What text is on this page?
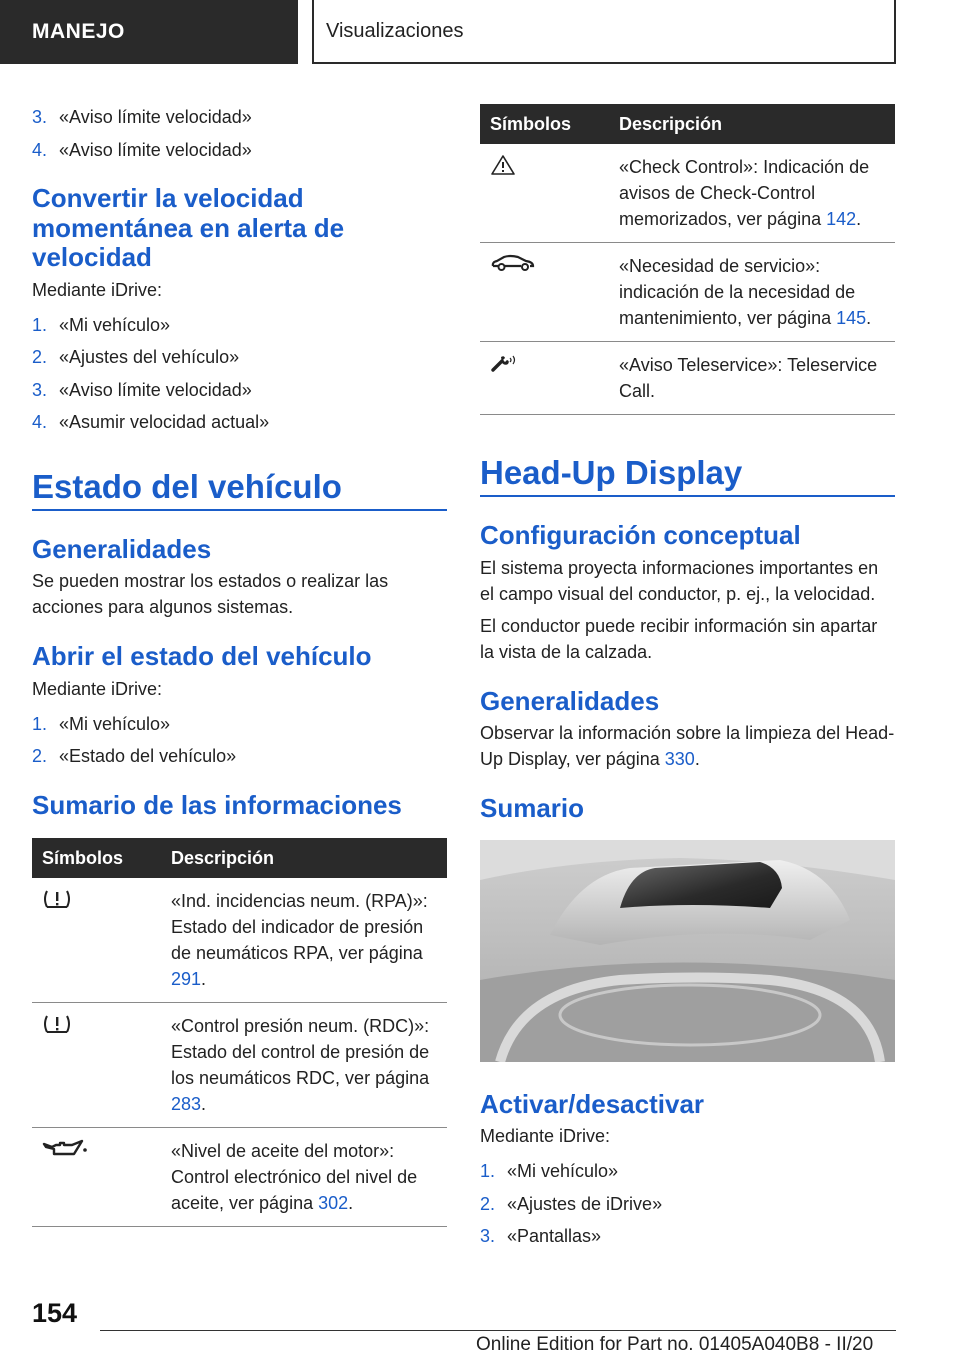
MANEJO	Visualizaciones
3. «Aviso límite velocidad»
4. «Aviso límite velocidad»
Convertir la velocidad momentánea en alerta de velocidad

Mediante iDrive:

1. «Mi vehículo»
2. «Ajustes del vehículo»
3. «Aviso límite velocidad»
4. «Asumir velocidad actual»
Estado del vehículo
Generalidades

Se pueden mostrar los estados o realizar las acciones para algunos sistemas.

Abrir el estado del vehículo

Mediante iDrive:

1. «Mi vehículo»
2. «Estado del vehículo»
Sumario de las informaciones
Símbolos	Descripción
	«Ind. incidencias neum. (RPA)»: Estado del indicador de presión de neumáticos RPA, ver página 291.
	«Control presión neum. (RDC)»: Estado del control de presión de los neumáticos RDC, ver página 283.
	«Nivel de aceite del motor»: Control electrónico del nivel de aceite, ver página 302.
Símbolos	Descripción
	«Check Control»: Indicación de avisos de Check-Control memorizados, ver página 142.
	«Necesidad de servicio»: indicación de la necesidad de mantenimiento, ver página 145.
	«Aviso Teleservice»: Teleservice Call.
Head-Up Display
Configuración conceptual

El sistema proyecta informaciones importantes en el campo visual del conductor, p. ej., la velocidad.

El conductor puede recibir información sin apartar la vista de la calzada.

Generalidades

Observar la información sobre la limpieza del Head-Up Display, ver página 330.

Sumario
Activar/desactivar

Mediante iDrive:

1. «Mi vehículo»
2. «Ajustes de iDrive»
3. «Pantallas»
154
Online Edition for Part no. 01405A040B8 - II/20
